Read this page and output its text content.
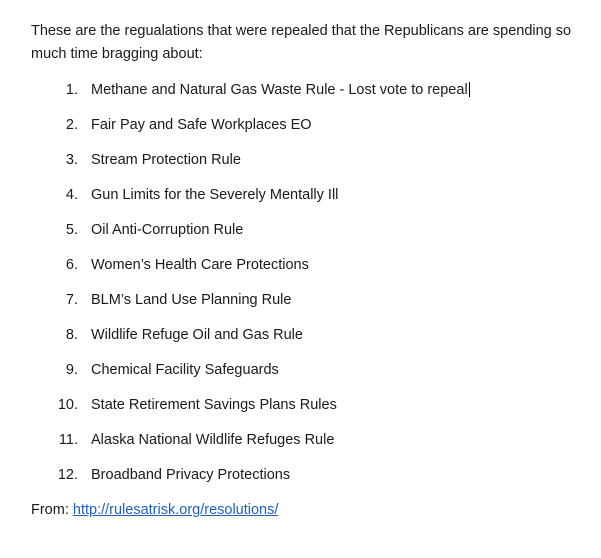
These are the regualations that were repealed that the Republicans are spending so much time bragging about:

1. Methane and Natural Gas Waste Rule - Lost vote to repeal
2. Fair Pay and Safe Workplaces EO
3. Stream Protection Rule
4. Gun Limits for the Severely Mentally Ill
5. Oil Anti-Corruption Rule
6. Women’s Health Care Protections
7. BLM’s Land Use Planning Rule
8. Wildlife Refuge Oil and Gas Rule
9. Chemical Facility Safeguards
10. State Retirement Savings Plans Rules
11. Alaska National Wildlife Refuges Rule
12. Broadband Privacy Protections

From: http://rulesatrisk.org/resolutions/
